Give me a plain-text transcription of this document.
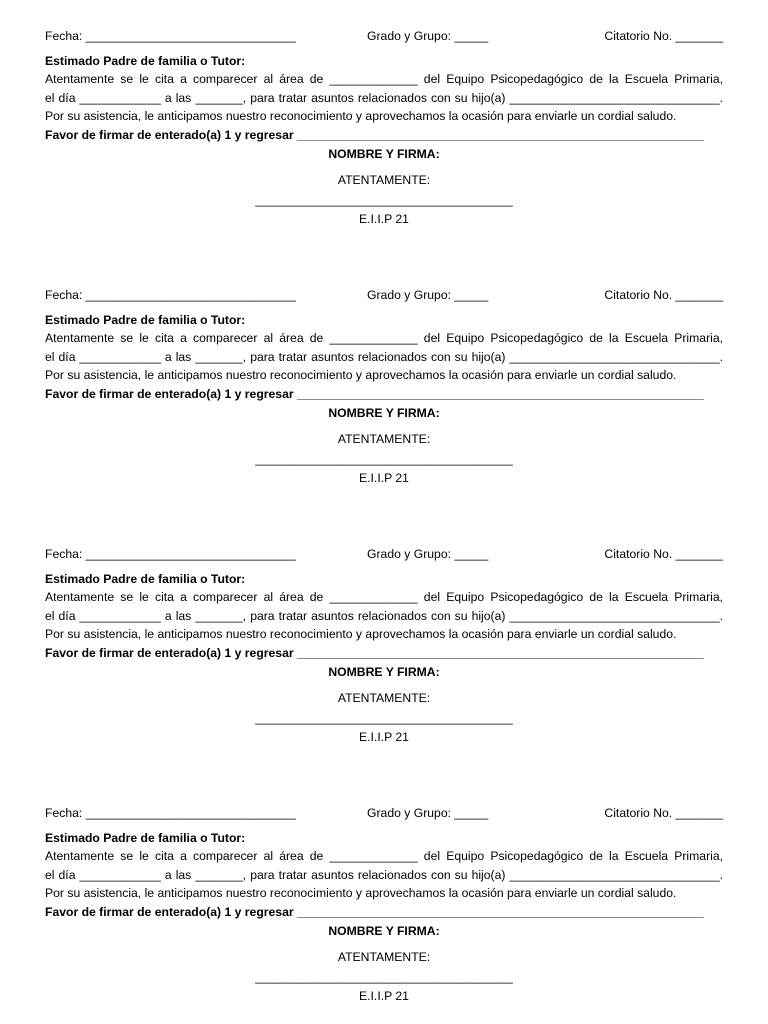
Fecha: _______________________________

	Grado y Grupo: _____

	Citatorio No. _______

Estimado Padre de familia o Tutor:
Atentamente se le cita a comparecer al área de _____________ del Equipo Psicopedagógico de la Escuela Primaria,
el día ____________ a las _______, para tratar asuntos relacionados con su hijo(a) _______________________________.
Por su asistencia, le anticipamos nuestro reconocimiento y aprovechamos la ocasión para enviarle un cordial saludo.
Favor de firmar de enterado(a) 1 y regresar ____________________________________________________________
NOMBRE Y FIRMA:
ATENTAMENTE:
______________________________________
E.I.I.P 21

Fecha: _______________________________

	Grado y Grupo: _____

	Citatorio No. _______

Estimado Padre de familia o Tutor:
Atentamente se le cita a comparecer al área de _____________ del Equipo Psicopedagógico de la Escuela Primaria,
el día ____________ a las _______, para tratar asuntos relacionados con su hijo(a) _______________________________.
Por su asistencia, le anticipamos nuestro reconocimiento y aprovechamos la ocasión para enviarle un cordial saludo.
Favor de firmar de enterado(a) 1 y regresar ____________________________________________________________
NOMBRE Y FIRMA:
ATENTAMENTE:
______________________________________
E.I.I.P 21

Fecha: _______________________________

	Grado y Grupo: _____

	Citatorio No. _______

Estimado Padre de familia o Tutor:
Atentamente se le cita a comparecer al área de _____________ del Equipo Psicopedagógico de la Escuela Primaria,
el día ____________ a las _______, para tratar asuntos relacionados con su hijo(a) _______________________________.
Por su asistencia, le anticipamos nuestro reconocimiento y aprovechamos la ocasión para enviarle un cordial saludo.
Favor de firmar de enterado(a) 1 y regresar ____________________________________________________________
NOMBRE Y FIRMA:
ATENTAMENTE:
______________________________________
E.I.I.P 21

Fecha: _______________________________

	Grado y Grupo: _____

	Citatorio No. _______

Estimado Padre de familia o Tutor:
Atentamente se le cita a comparecer al área de _____________ del Equipo Psicopedagógico de la Escuela Primaria,
el día ____________ a las _______, para tratar asuntos relacionados con su hijo(a) _______________________________.
Por su asistencia, le anticipamos nuestro reconocimiento y aprovechamos la ocasión para enviarle un cordial saludo.
Favor de firmar de enterado(a) 1 y regresar ____________________________________________________________
NOMBRE Y FIRMA:
ATENTAMENTE:
______________________________________
E.I.I.P 21
